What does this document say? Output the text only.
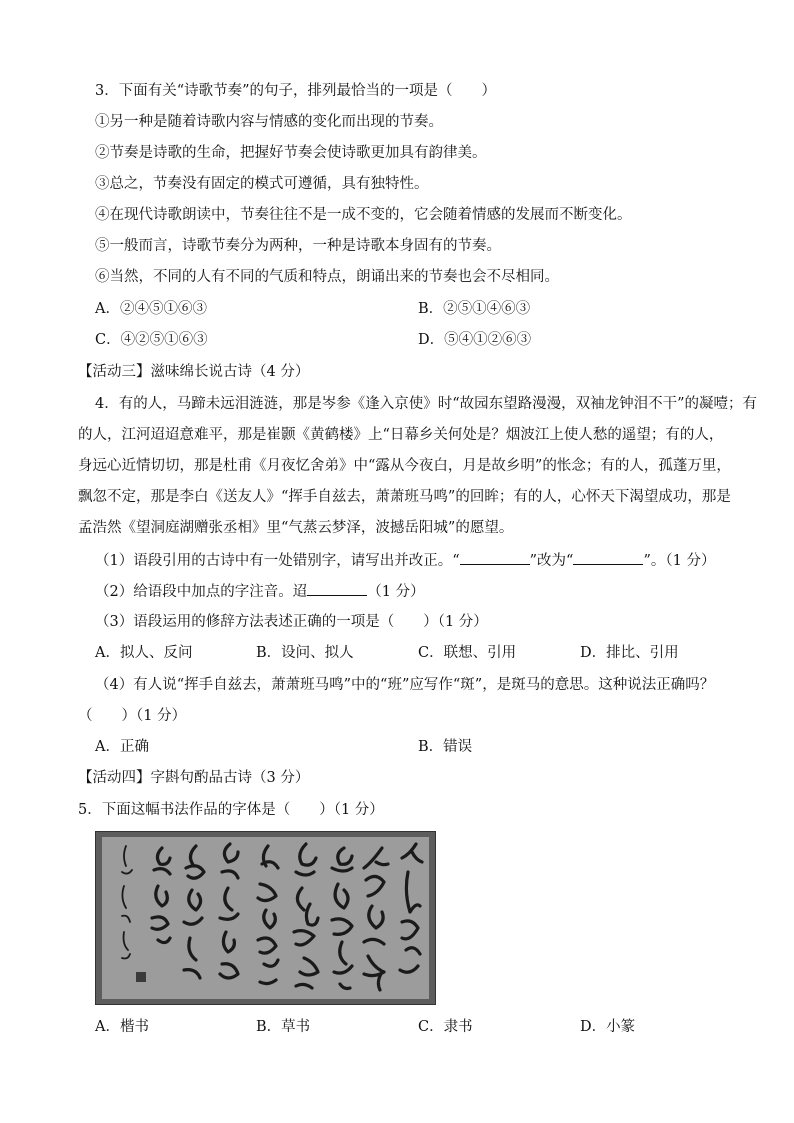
3．下面有关“诗歌节奏”的句子，排列最恰当的一项是（　　）
①另一种是随着诗歌内容与情感的变化而出现的节奏。
②节奏是诗歌的生命，把握好节奏会使诗歌更加具有韵律美。
③总之，节奏没有固定的模式可遵循，具有独特性。
④在现代诗歌朗读中，节奏往往不是一成不变的，它会随着情感的发展而不断变化。
⑤一般而言，诗歌节奏分为两种，一种是诗歌本身固有的节奏。
⑥当然，不同的人有不同的气质和特点，朗诵出来的节奏也会不尽相同。
A．②④⑤①⑥③	B．②⑤①④⑥③
C．④②⑤①⑥③	D．⑤④①②⑥③
【活动三】滋味绵长说古诗（4 分）
4．有的人，马蹄未远泪涟涟，那是岑参《逢入京使》时“故园东望路漫漫，双袖龙钟泪不干”的凝噎；有
的人，江河迢迢意难平，那是崔颢《黄鹤楼》上“日幕乡关何处是？烟波江上使人愁的遥望；有的人，
身远心近情切切，那是杜甫《月夜忆舍弟》中“露从今夜白，月是故乡明”的怅念；有的人，孤蓬万里，
飘忽不定，那是李白《送友人》“挥手自兹去，萧萧班马鸣”的回眸；有的人，心怀天下渴望成功，那是
孟浩然《望洞庭湖赠张丞相》里“气蒸云梦泽，波撼岳阳城”的愿望。
（1）语段引用的古诗中有一处错别字，请写出并改正。“	”改为“	”。（1 分）
（2）给语段中加点的字注音。迢	（1 分）
（3）语段运用的修辞方法表述正确的一项是（　　）（1 分）
A．拟人、反问	B．设问、拟人	C．联想、引用	D．排比、引用
（4）有人说“挥手自兹去，萧萧班马鸣”中的“班”应写作“斑”，是斑马的意思。这种说法正确吗？
（　　）（1 分）
A．正确	B．错误
【活动四】字斟句酌品古诗（3 分）
5．下面这幅书法作品的字体是（　　）（1 分）
A．楷书	B．草书	C．隶书	D．小篆
